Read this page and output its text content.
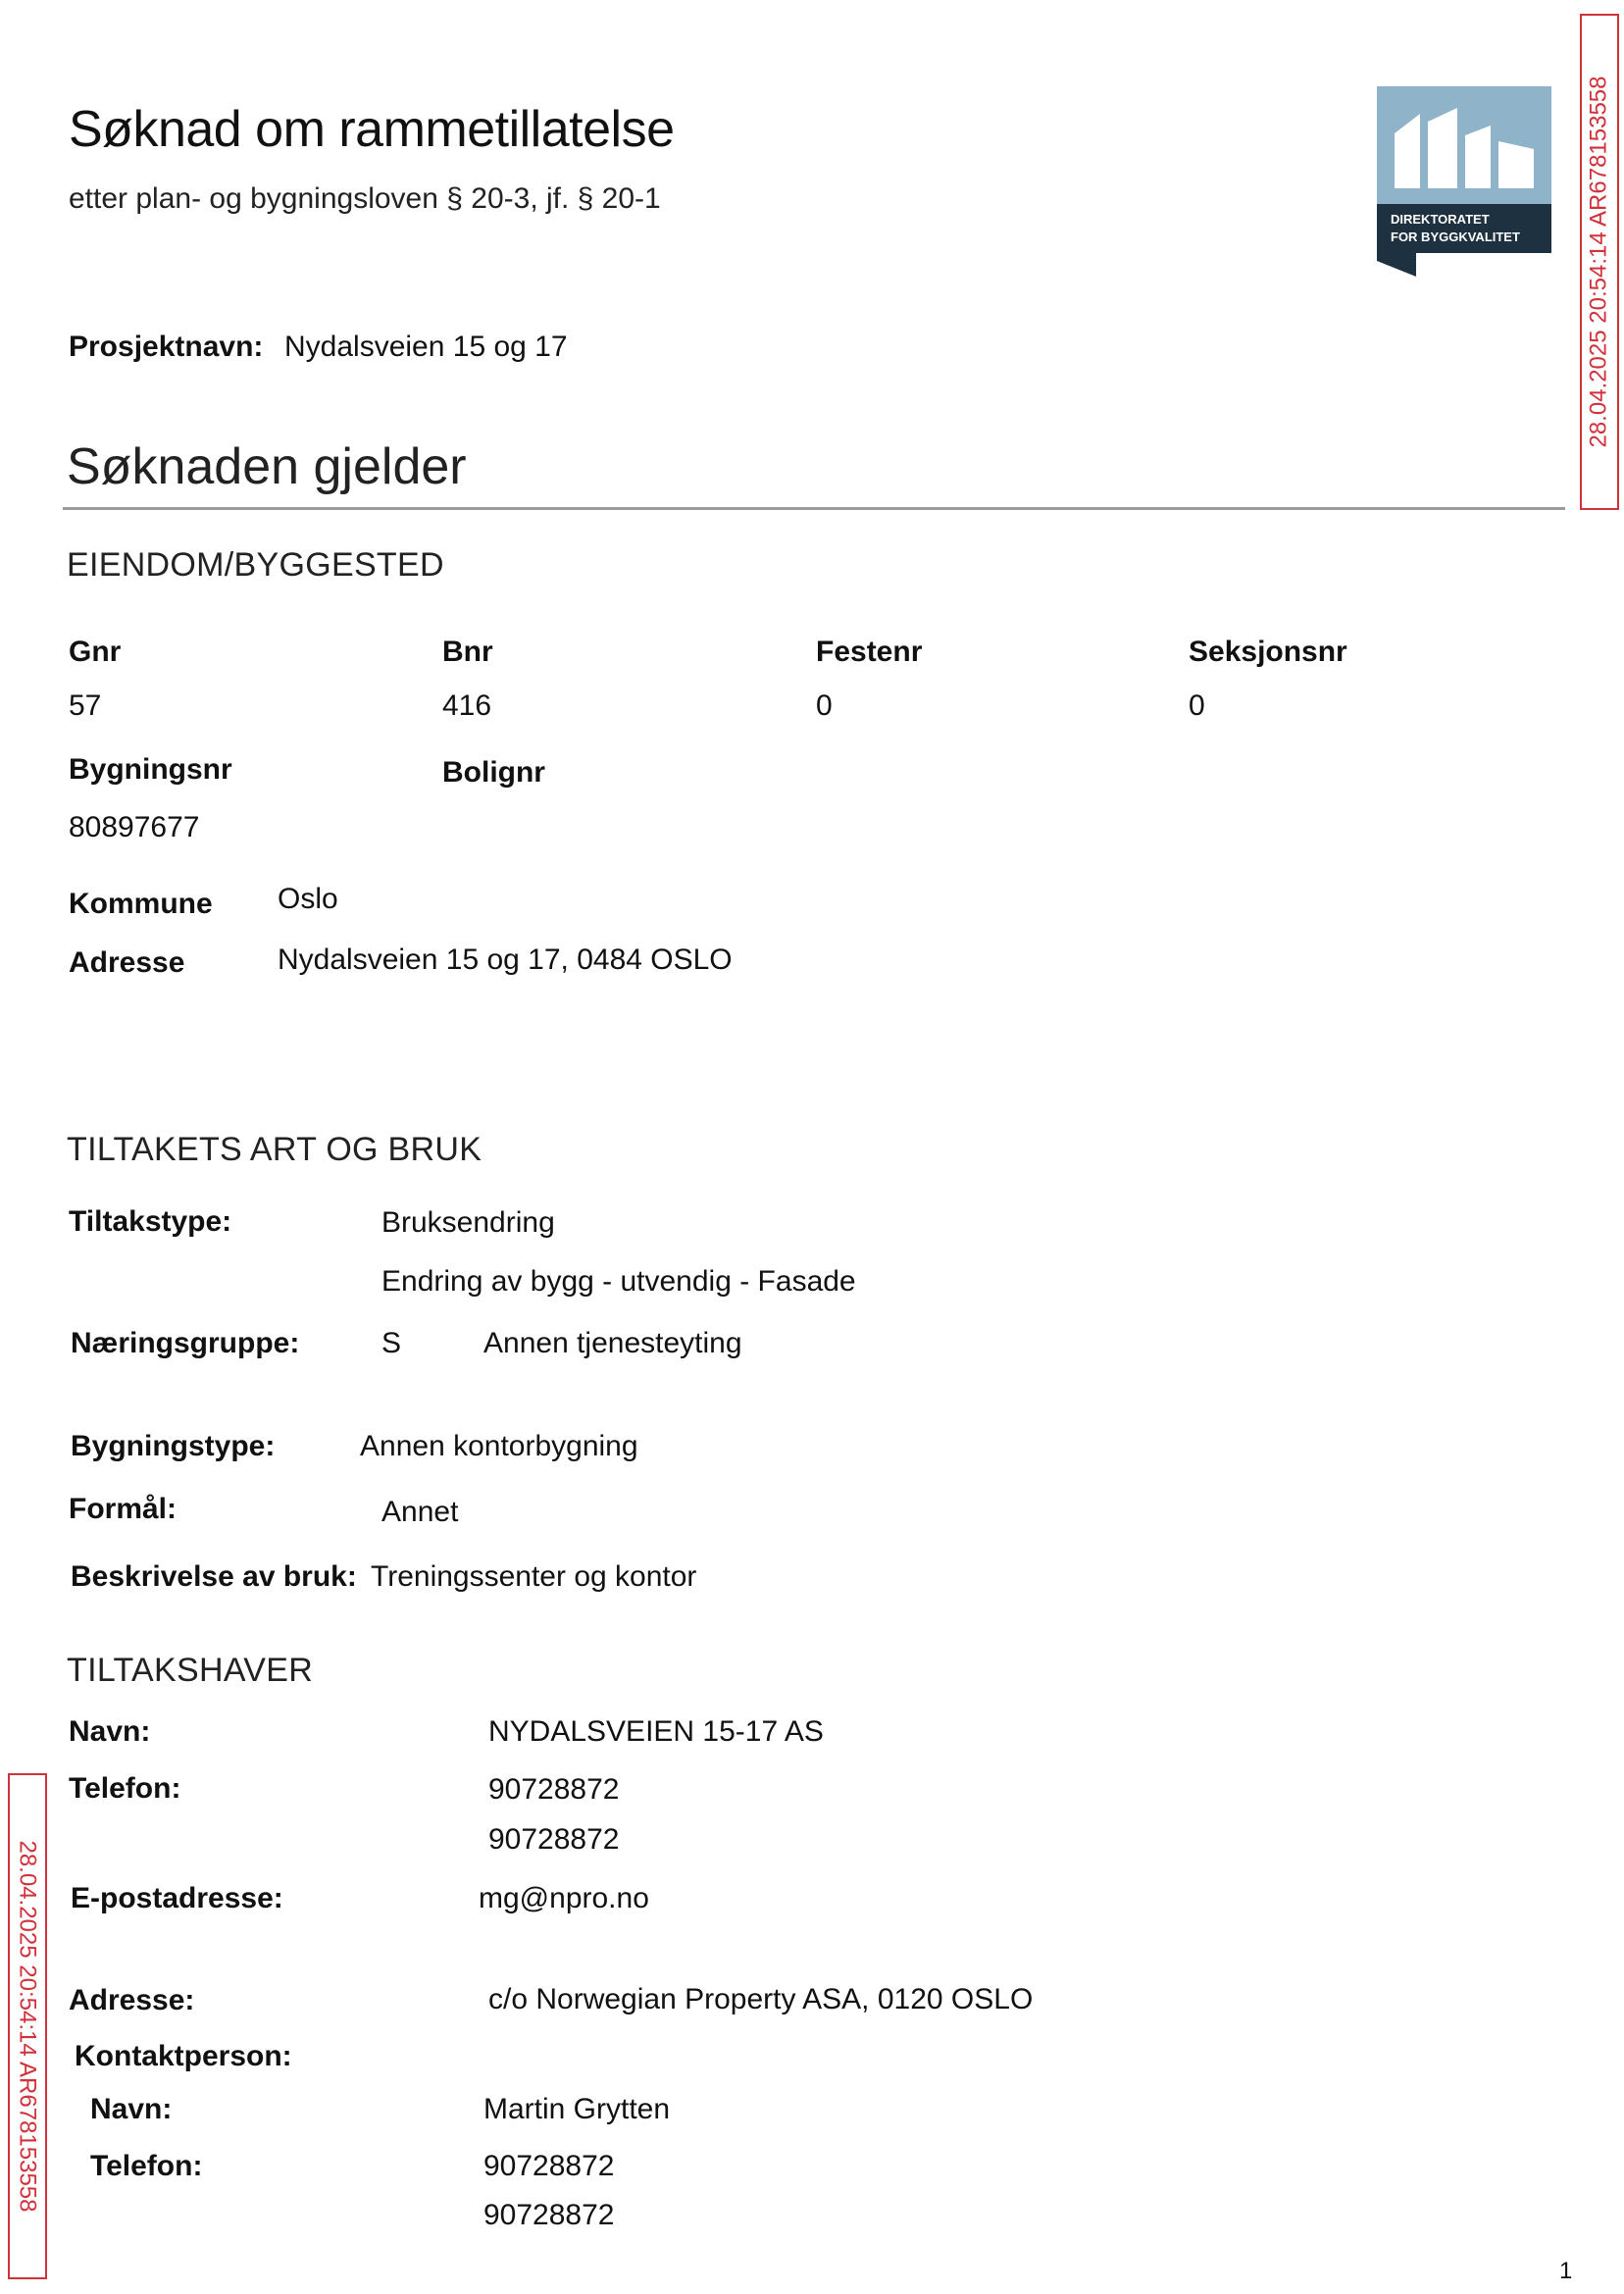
Søknad om rammetillatelse
etter plan- og bygningsloven § 20-3, jf. § 20-1
DIREKTORATET
FOR BYGGKVALITET	28.04.2025 20:54:14 AR678153558
28.04.2025 20:54:14 AR678153558
Prosjektnavn: Nydalsveien 15 og 17
Søknaden gjelder
EIENDOM/BYGGESTED
Gnr
57
Bnr
416
Festenr
0
Seksjonsnr
0
Bygningsnr
80897677
Bolignr
Kommune Oslo
Adresse	Nydalsveien 15 og 17, 0484 OSLO
TILTAKETS ART OG BRUK
Tiltakstype:	Bruksendring
Endring av bygg - utvendig - Fasade
Næringsgruppe:	S	Annen tjenesteyting
Bygningstype:	Annen kontorbygning
Formål:	Annet
Beskrivelse av bruk: Treningssenter og kontor
TILTAKSHAVER
Navn:	NYDALSVEIEN 15-17 AS
Telefon:	90728872
90728872
E-postadresse:	mg@npro.no
Adresse:	c/o Norwegian Property ASA, 0120 OSLO
Kontaktperson:
Navn:	Martin Grytten
Telefon:	90728872
90728872
1
